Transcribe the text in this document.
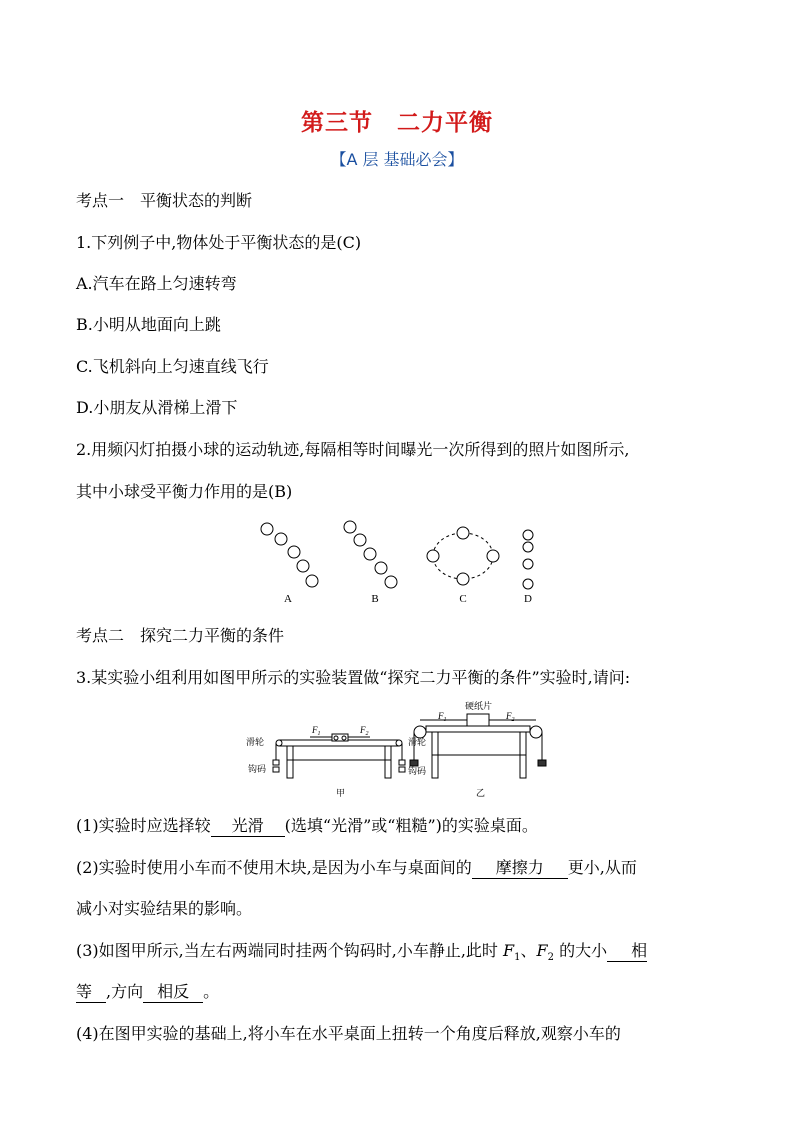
第三节　二力平衡
【A 层 基础必会】
考点一　平衡状态的判断
1.下列例子中,物体处于平衡状态的是(C)
A.汽车在路上匀速转弯
B.小明从地面向上跳
C.飞机斜向上匀速直线飞行
D.小朋友从滑梯上滑下
2.用频闪灯拍摄小球的运动轨迹,每隔相等时间曝光一次所得到的照片如图所示,
其中小球受平衡力作用的是(B)
A	B	C	D
考点二　探究二力平衡的条件
3.某实验小组利用如图甲所示的实验装置做“探究二力平衡的条件”实验时,请问:
滑轮	滑轮
钩码	钩码
$F_1$	$F_2$
硬纸片
$F_1$	$F_2$
甲	乙
(1)实验时应选择较 光滑 (选填“光滑”或“粗糙”)的实验桌面。
(2)实验时使用小车而不使用木块,是因为小车与桌面间的 摩擦力 更小,从而
减小对实验结果的影响。
(3)如图甲所示,当左右两端同时挂两个钩码时,小车静止,此时 $F_1$、$F_2$ 的大小 相
等 ,方向 相反 。
(4)在图甲实验的基础上,将小车在水平桌面上扭转一个角度后释放,观察小车的
